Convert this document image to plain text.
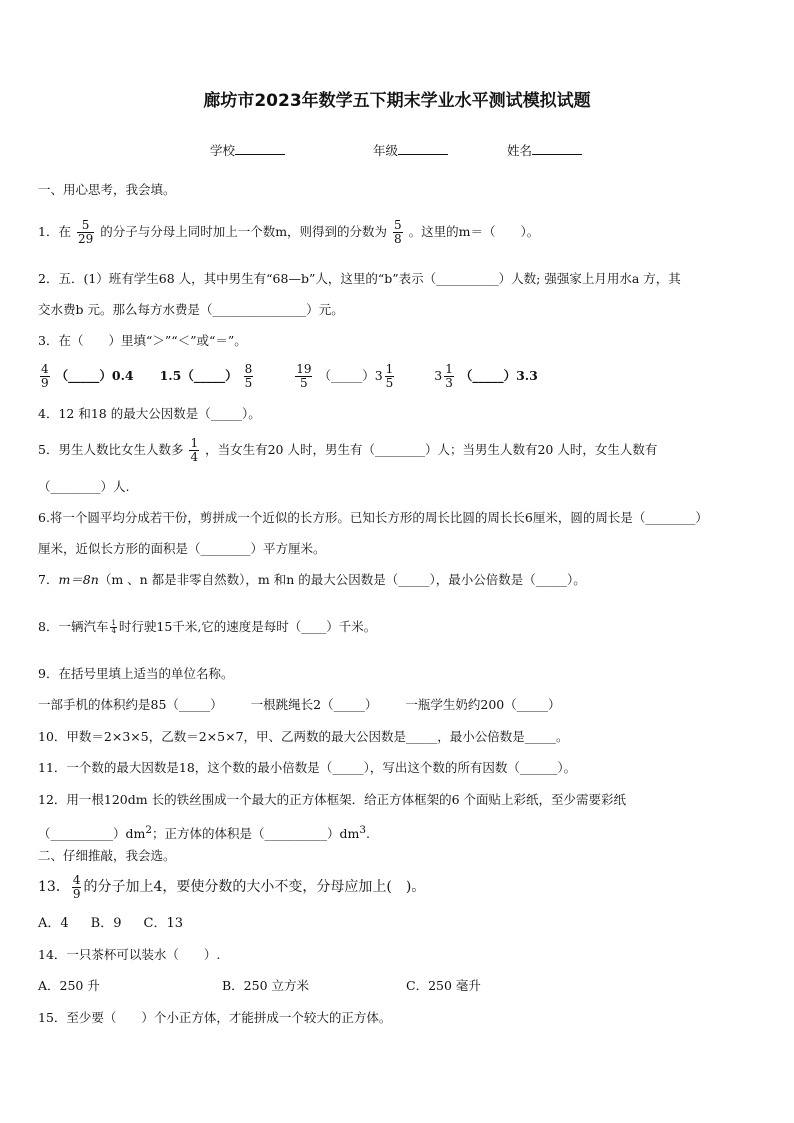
廊坊市2023年数学五下期末学业水平测试模拟试题
学校	年级	姓名
一、用心思考，我会填。
1．在 $\frac{5}{29}$ 的分子与分母上同时加上一个数m，则得到的分数为 $\frac{5}{8}$ 。这里的m＝（　　）。
2．五．(1）班有学生68 人，其中男生有“68—b”人，这里的“b”表示（__________）人数; 强强家上月用水a 方，其
交水费b 元。那么每方水费是（_______________）元。
3．在（　　）里填“＞”“＜”或“＝”。
$\frac{4}{9}$ （_____）0.4 1.5（_____） $\frac{8}{5}$
	$\frac{19}{5}$ （_____）3 $\frac{1}{5}$	$3 \frac{1}{3}$ （_____）3.3
4．12 和18 的最大公因数是（_____）。
5．男生人数比女生人数多 $\frac{1}{4}$ ，当女生有20 人时，男生有（________）人；当男生人数有20 人时，女生人数有
（________）人.
6.将一个圆平均分成若干份，剪拼成一个近似的长方形。已知长方形的周长比圆的周长长6厘米，圆的周长是（________）
厘米，近似长方形的面积是（________）平方厘米。
7．m＝8n（m 、n 都是非零自然数），m 和n 的最大公因数是（_____），最小公倍数是（_____）。
8．一辆汽车 $\frac{1}{4}$ 时行驶15千米,它的速度是每时（____）千米。
9．在括号里填上适当的单位名称。
一部手机的体积约是85（_____） 一根跳绳长2（_____） 一瓶学生奶约200（_____）
10．甲数＝2×3×5，乙数＝2×5×7，甲、乙两数的最大公因数是_____，最小公倍数是_____。
11．一个数的最大因数是18，这个数的最小倍数是（_____），写出这个数的所有因数（______）。
12．用一根120dm 长的铁丝围成一个最大的正方体框架．给正方体框架的6 个面贴上彩纸，至少需要彩纸
$(\_\_\_\_\_\_\_\_\_\_)dm^2$；正方体的体积是$(\_\_\_\_\_\_\_\_\_\_)dm^3$.
二、仔细推敲，我会选。
13． $\frac{4}{9}$ 的分子加上4，要使分数的大小不变，分母应加上(　)。
A．4 B．9 C．13
14．一只茶杯可以装水（　　）.
A．250 升	B．250 立方米	C．250 毫升
15．至少要（　　）个小正方体，才能拼成一个较大的正方体。
